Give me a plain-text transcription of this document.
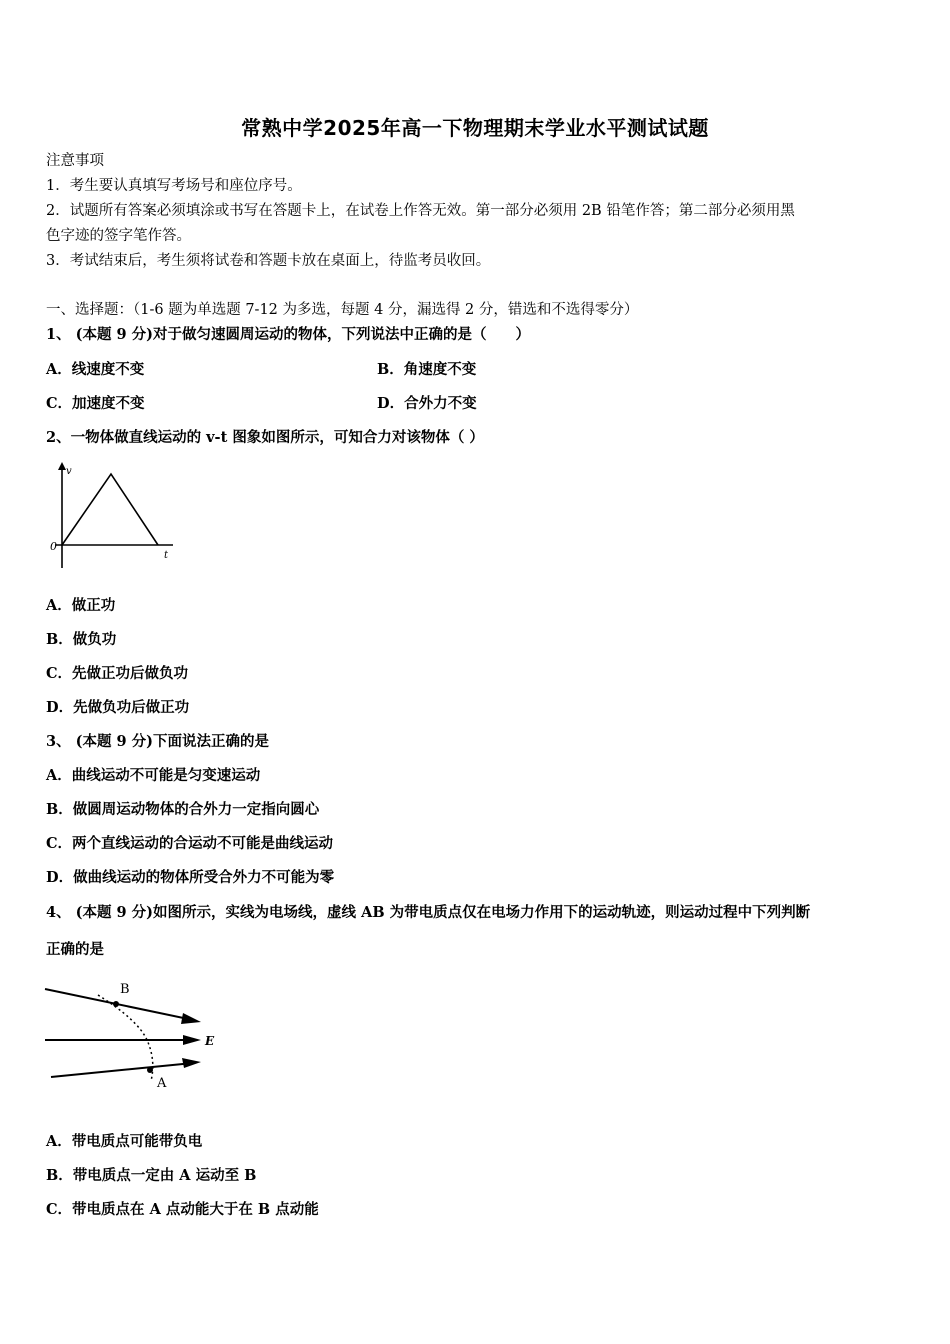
常熟中学2025年高一下物理期末学业水平测试试题
注意事项
1．考生要认真填写考场号和座位序号。
2．试题所有答案必须填涂或书写在答题卡上，在试卷上作答无效。第一部分必须用 2B 铅笔作答；第二部分必须用黑
色字迹的签字笔作答。
3．考试结束后，考生须将试卷和答题卡放在桌面上，待监考员收回。
一、选择题：（1-6 题为单选题 7-12 为多选，每题 4 分，漏选得 2 分，错选和不选得零分）
1、 (本题 9 分)对于做匀速圆周运动的物体，下列说法中正确的是（　　）
A．线速度不变	B．角速度不变
C．加速度不变	D．合外力不变
2、一物体做直线运动的 v-t 图象如图所示，可知合力对该物体（ ）
v
0
t
A．做正功
B．做负功
C．先做正功后做负功
D．先做负功后做正功
3、 (本题 9 分)下面说法正确的是
A．曲线运动不可能是匀变速运动
B．做圆周运动物体的合外力一定指向圆心
C．两个直线运动的合运动不可能是曲线运动
D．做曲线运动的物体所受合外力不可能为零
4、 (本题 9 分)如图所示，实线为电场线，虚线 AB 为带电质点仅在电场力作用下的运动轨迹，则运动过程中下列判断
正确的是
B
A
E
A．带电质点可能带负电
B．带电质点一定由 A 运动至 B
C．带电质点在 A 点动能大于在 B 点动能
